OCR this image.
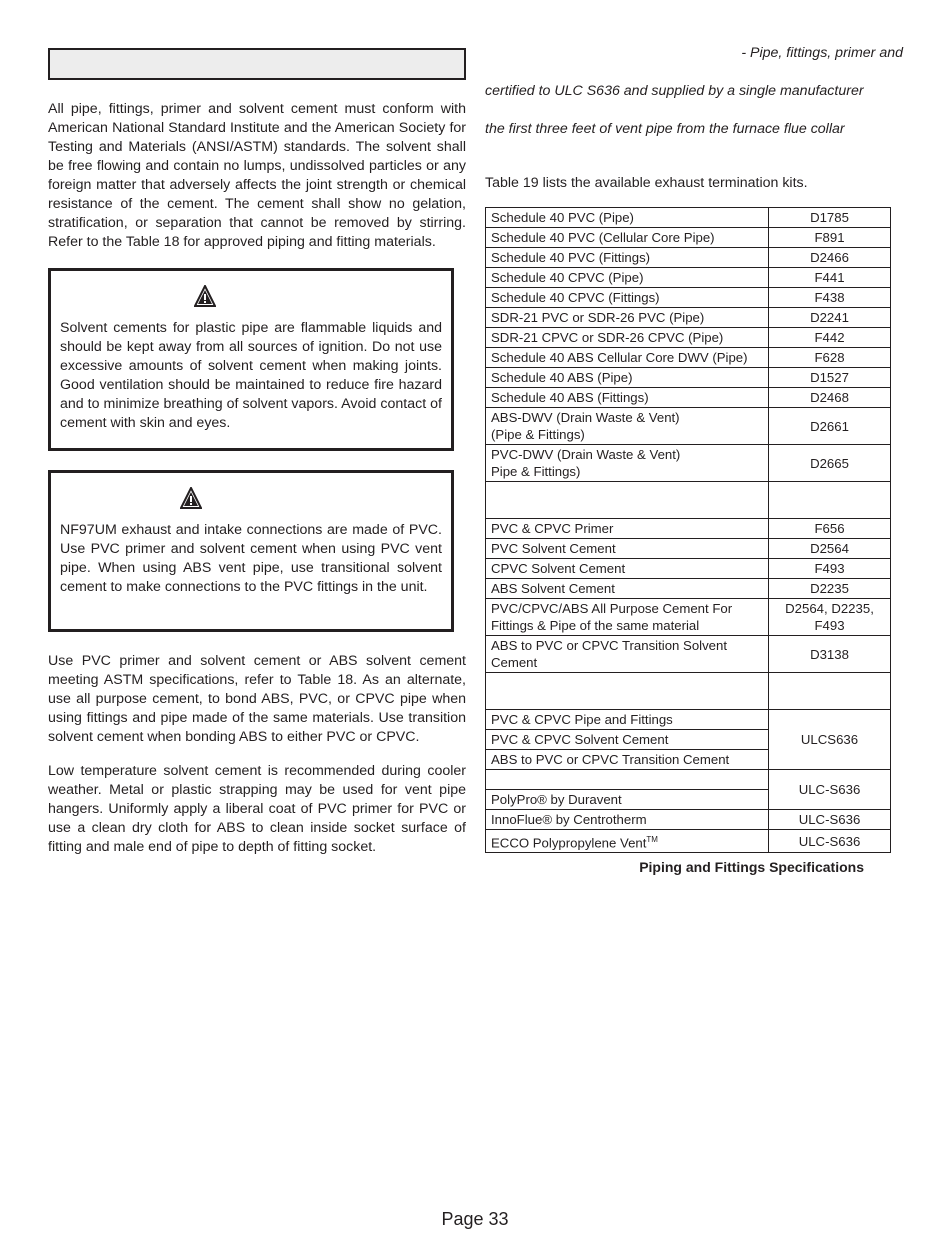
All pipe, fittings, primer and solvent cement must conform with American National Standard Institute and the American Society for Testing and Materials (ANSI/ASTM) standards. The solvent shall be free flowing and contain no lumps, undissolved particles or any foreign matter that adversely affects the joint strength or chemical resistance of the cement. The cement shall show no gelation, stratification, or separation that cannot be removed by stirring. Refer to the Table 18 for approved piping and fitting materials.

Solvent cements for plastic pipe are flammable liquids and should be kept away from all sources of ignition. Do not use excessive amounts of solvent cement when making joints. Good ventilation should be maintained to reduce fire hazard and to minimize breathing of solvent vapors. Avoid contact of cement with skin and eyes.

NF97UM exhaust and intake connections are made of PVC. Use PVC primer and solvent cement when using PVC vent pipe. When using ABS vent pipe, use transitional solvent cement to make connections to the PVC fittings in the unit.

Use PVC primer and solvent cement or ABS solvent cement meeting ASTM specifications, refer to Table 18. As an alternate, use all purpose cement, to bond ABS, PVC, or CPVC pipe when using fittings and pipe made of the same materials. Use transition solvent cement when bonding ABS to either PVC or CPVC.

Low temperature solvent cement is recommended during cooler weather. Metal or plastic strapping may be used for vent pipe hangers. Uniformly apply a liberal coat of PVC primer for PVC or use a clean dry cloth for ABS to clean inside socket surface of fitting and male end of pipe to depth of fitting socket.

- Pipe, fittings, primer and

certified to ULC S636 and supplied by a single manufacturer

the first three feet of vent pipe from the furnace flue collar

Table 19 lists the available exhaust termination kits.

Schedule 40 PVC (Pipe)	D1785
Schedule 40 PVC (Cellular Core Pipe)	F891
Schedule 40 PVC (Fittings)	D2466
Schedule 40 CPVC (Pipe)	F441
Schedule 40 CPVC (Fittings)	F438
SDR-21 PVC or SDR-26 PVC (Pipe)	D2241
SDR-21 CPVC or SDR-26 CPVC (Pipe)	F442
Schedule 40 ABS Cellular Core DWV (Pipe)	F628
Schedule 40 ABS (Pipe)	D1527
Schedule 40 ABS (Fittings)	D2468
ABS-DWV (Drain Waste & Vent)
(Pipe & Fittings)	D2661
PVC-DWV (Drain Waste & Vent)
Pipe & Fittings)	D2665

PVC & CPVC Primer	F656
PVC Solvent Cement	D2564
CPVC Solvent Cement	F493
ABS Solvent Cement	D2235
PVC/CPVC/ABS All Purpose Cement For Fittings & Pipe of the same material	D2564, D2235, F493
ABS to PVC or CPVC Transition Solvent Cement	D3138

PVC & CPVC Pipe and Fittings	ULCS636
PVC & CPVC Solvent Cement	
ABS to PVC or CPVC Transition Cement	
	ULC-S636
PolyPro® by Duravent	
InnoFlue® by Centrotherm	ULC-S636
ECCO Polypropylene Vent™	ULC-S636

Piping and Fittings Specifications

Page 33
